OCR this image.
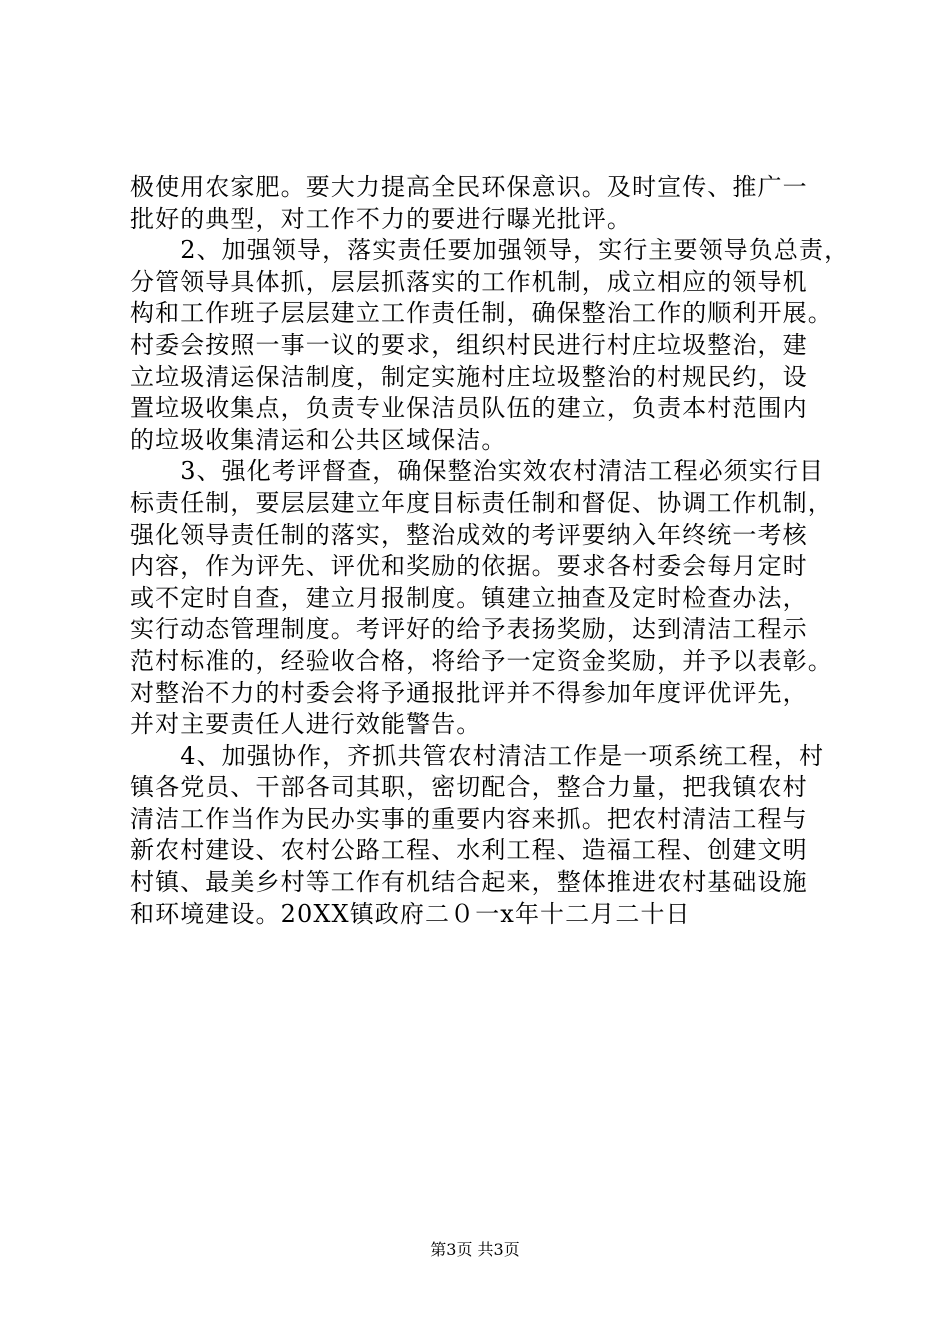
极使用农家肥。要大力提高全民环保意识。及时宣传、推广一
批好的典型，对工作不力的要进行曝光批评。
　　2、加强领导，落实责任要加强领导，实行主要领导负总责，
分管领导具体抓，层层抓落实的工作机制，成立相应的领导机
构和工作班子层层建立工作责任制，确保整治工作的顺利开展。
村委会按照一事一议的要求，组织村民进行村庄垃圾整治，建
立垃圾清运保洁制度，制定实施村庄垃圾整治的村规民约，设
置垃圾收集点，负责专业保洁员队伍的建立，负责本村范围内
的垃圾收集清运和公共区域保洁。
　　3、强化考评督查，确保整治实效农村清洁工程必须实行目
标责任制，要层层建立年度目标责任制和督促、协调工作机制，
强化领导责任制的落实，整治成效的考评要纳入年终统一考核
内容，作为评先、评优和奖励的依据。要求各村委会每月定时
或不定时自查，建立月报制度。镇建立抽查及定时检查办法，
实行动态管理制度。考评好的给予表扬奖励，达到清洁工程示
范村标准的，经验收合格，将给予一定资金奖励，并予以表彰。
对整治不力的村委会将予通报批评并不得参加年度评优评先，
并对主要责任人进行效能警告。
　　4、加强协作，齐抓共管农村清洁工作是一项系统工程，村
镇各党员、干部各司其职，密切配合，整合力量，把我镇农村
清洁工作当作为民办实事的重要内容来抓。把农村清洁工程与
新农村建设、农村公路工程、水利工程、造福工程、创建文明
村镇、最美乡村等工作有机结合起来，整体推进农村基础设施
和环境建设。20XX镇政府二０一x年十二月二十日
第3页 共3页
